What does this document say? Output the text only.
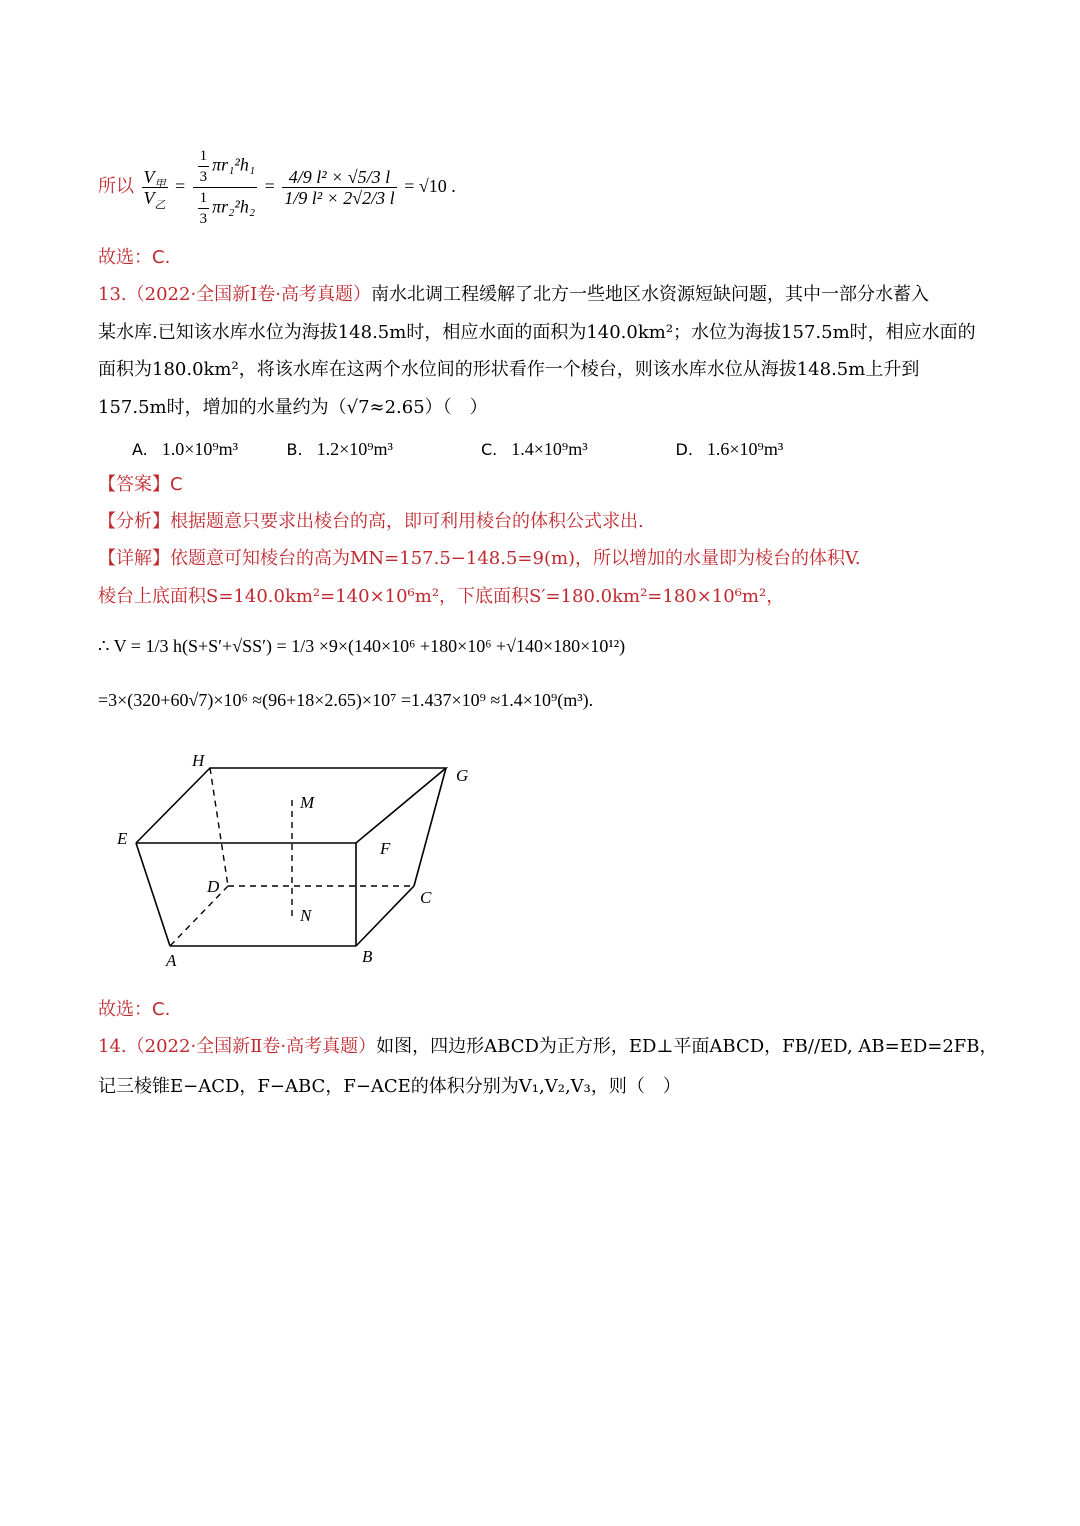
所以 $\frac{V_甲}{V_乙} = \frac{\frac{1}{3} \pi r_1^2h_1}{\frac{1}{3} \pi r_2^2h_2} = \frac{\text{4/9 l² × √5/3 l}}{\text{1/9 l² × 2√2/3 l}} = √10$ .
故选：C.
13.（2022·全国新Ⅰ卷·高考真题）南水北调工程缓解了北方一些地区水资源短缺问题，其中一部分水蓄入
某水库.已知该水库水位为海拔148.5m时，相应水面的面积为140.0km²；水位为海拔157.5m时，相应水面的
面积为180.0km²，将该水库在这两个水位间的形状看作一个棱台，则该水库水位从海拔148.5m上升到
157.5m时，增加的水量约为（√7≈2.65）（　）
A. 1.0×10⁹m³	B. 1.2×10⁹m³	C. 1.4×10⁹m³	D. 1.6×10⁹m³
【答案】C
【分析】根据题意只要求出棱台的高，即可利用棱台的体积公式求出.
【详解】依题意可知棱台的高为MN=157.5−148.5=9(m)，所以增加的水量即为棱台的体积V.
棱台上底面积S=140.0km²=140×10⁶m²，下底面积S′=180.0km²=180×10⁶m²，
∴ V = 1/3 h(S+S′+√SS′) = 1/3 ×9×(140×10⁶ +180×10⁶ +√140×180×10¹²)
=3×(320+60√7)×10⁶ ≈(96+18×2.65)×10⁷ =1.437×10⁹ ≈1.4×10⁹(m³).
H
G
M
E
F
D
C
N
A	B
故选：C.
14.（2022·全国新Ⅱ卷·高考真题）如图，四边形ABCD为正方形，ED⊥平面ABCD，FB//ED, AB=ED=2FB，
记三棱锥E−ACD，F−ABC，F−ACE的体积分别为V₁,V₂,V₃，则（　）
